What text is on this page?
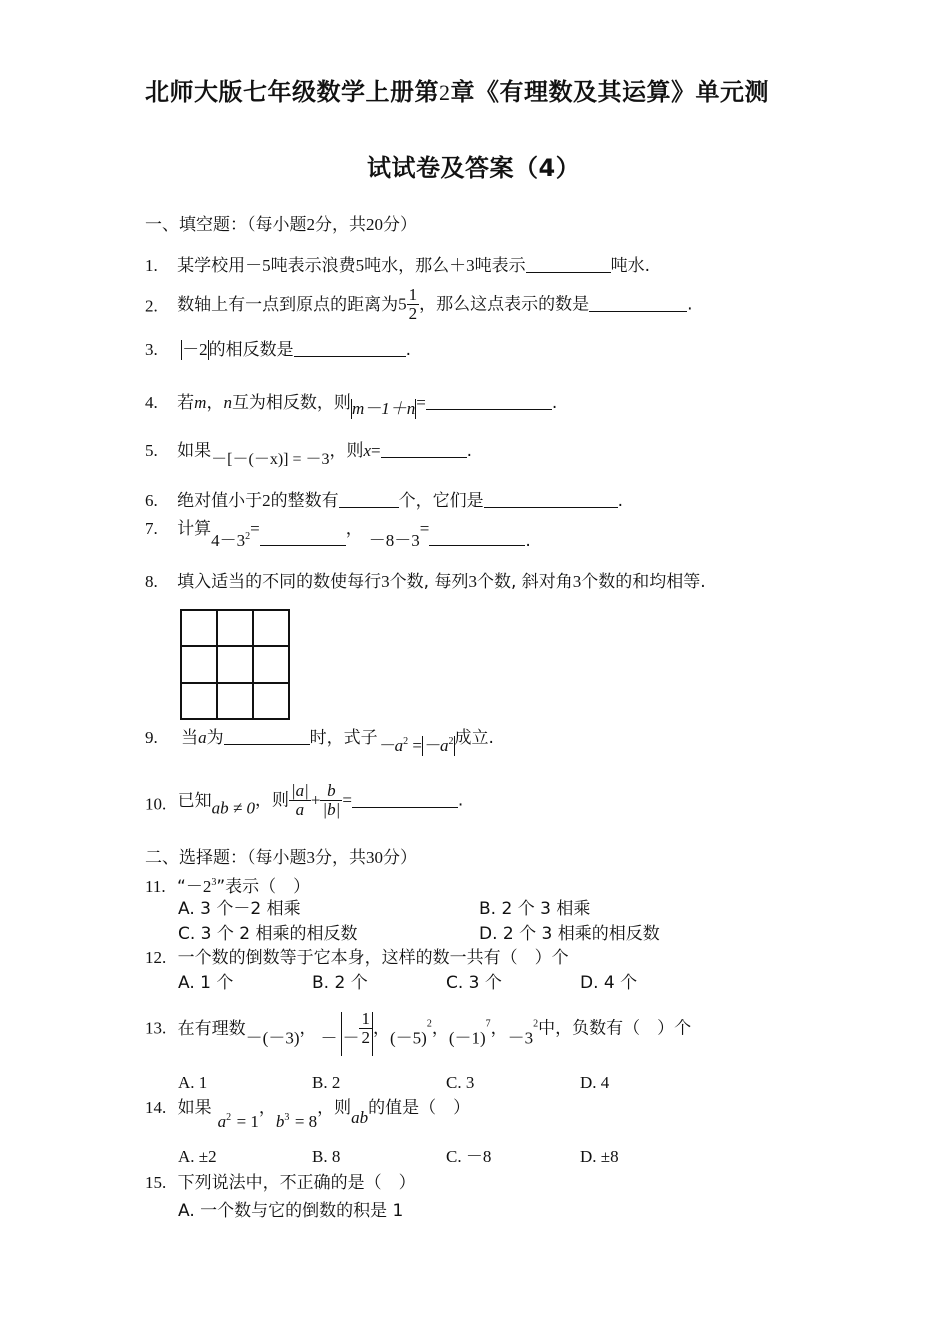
北师大版七年级数学上册第2章《有理数及其运算》单元测
试试卷及答案（4）
一、填空题：（每小题2分，共20分）
1. 某学校用－5吨表示浪费5吨水，那么＋3吨表示	吨水.
2. 数轴上有一点到原点的距离为$5 \frac{1}{2}$ ，那么这点表示的数是	.
3. －2的相反数是	.
4. 若m，n互为相反数，则m－1＋n=	.
5. 如果－[－(－x)] = －3，则x=	.
6. 绝对值小于2的整数有	个，它们是	.
7. 计算$4-3^2=$	，－8－3=.
8. 填入适当的不同的数使每行3个数, 每列3个数, 斜对角3个数的和均相等.
9. 当a为	时，式子$-a^2 =-a^2$成立.
10. 已知ab ≠ 0，则 $\frac{|a|}{a} + \frac{b}{|b|}$ =	.
二、选择题：（每小题3分，共30分）
11. “$-2^3$”表示（　）
A. 3 个－2 相乘	B. 2 个 3 相乘
C. 3 个 2 相乘的相反数	D. 2 个 3 相乘的相反数
12. 一个数的倒数等于它本身，这样的数一共有（　）个
A. 1 个	B. 2 个	C. 3 个	D. 4 个
13. 在有理数－(－3)， － － $\frac{1}{2}$ ，$(-5)^2$，$(-1)^7$，$-3^2$中，负数有（　）个
A. 1	B. 2	C. 3	D. 4
14. 如果$a^2 = 1$，$b^3 = 8$，则ab的值是（　）
A. ±2	B. 8	C. －8	D. ±8
15. 下列说法中，不正确的是（　）
A. 一个数与它的倒数的积是 1
